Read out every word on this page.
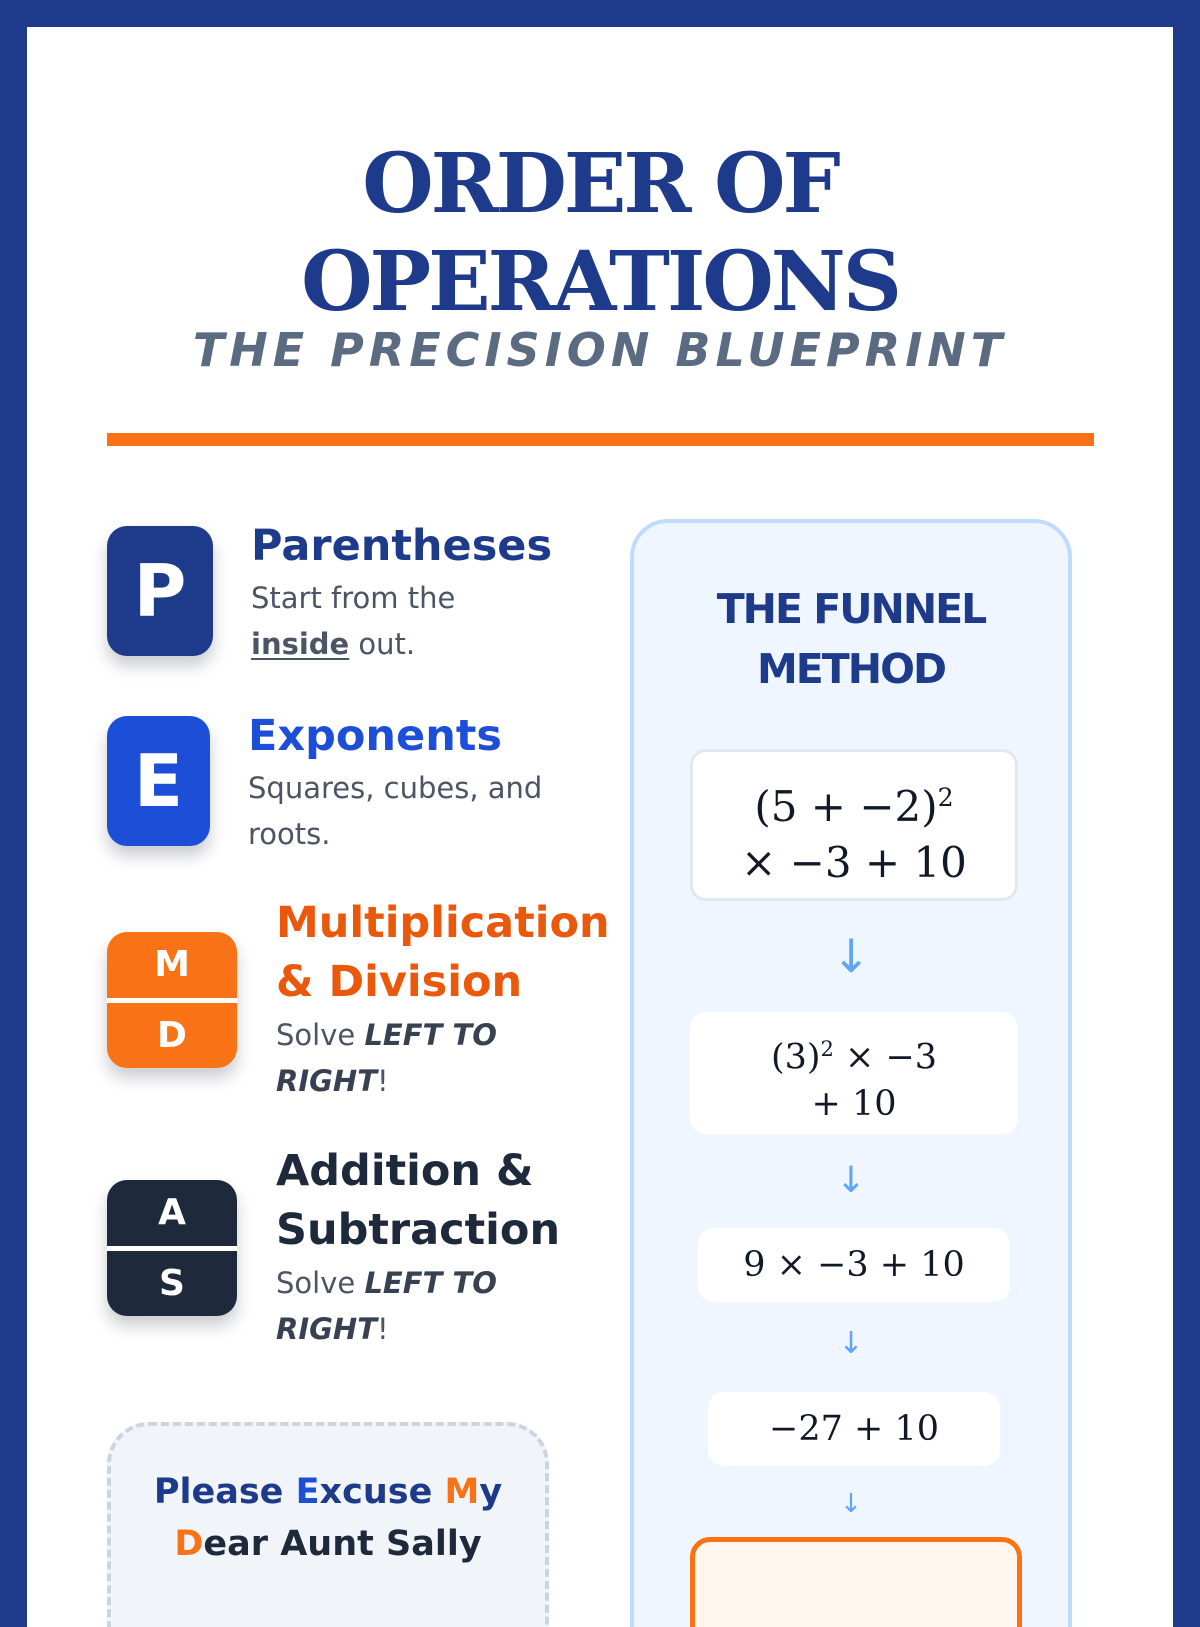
ORDER OF
OPERATIONS
THE PRECISION BLUEPRINT
P
Parentheses
Start from the
inside out.
E
Exponents
Squares, cubes, and roots.
M
D
Multiplication
& Division
Solve LEFT TO RIGHT!
A
S
Addition &
Subtraction
Solve LEFT TO RIGHT!
Please Excuse My
Dear Aunt Sally
THE FUNNEL
METHOD
$(5 + -2)^2$
× −3 + 10
↓
$(3)^2 \times -3$
+ 10
↓
9 × −3 + 10
↓
−27 + 10
↓
